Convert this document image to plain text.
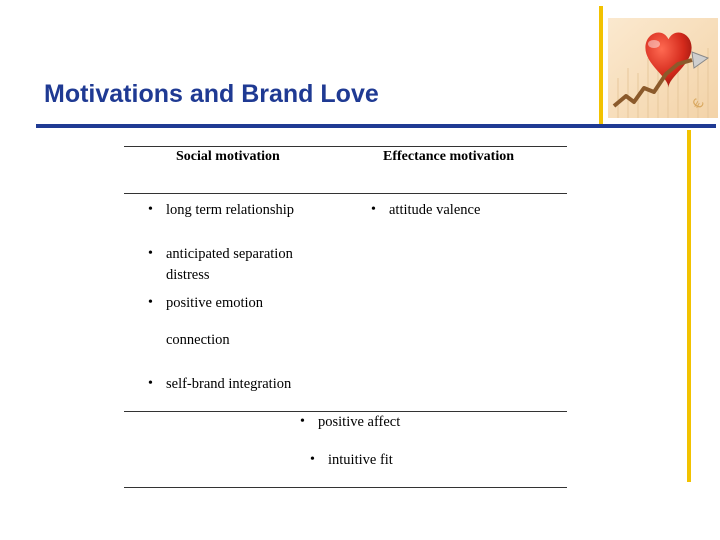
Motivations and Brand Love	€
Social motivation	Effectance motivation
• long term relationship
• anticipated separation distress
• positive emotion
connection
• self-brand integration
• attitude valence
• positive affect
• intuitive fit
